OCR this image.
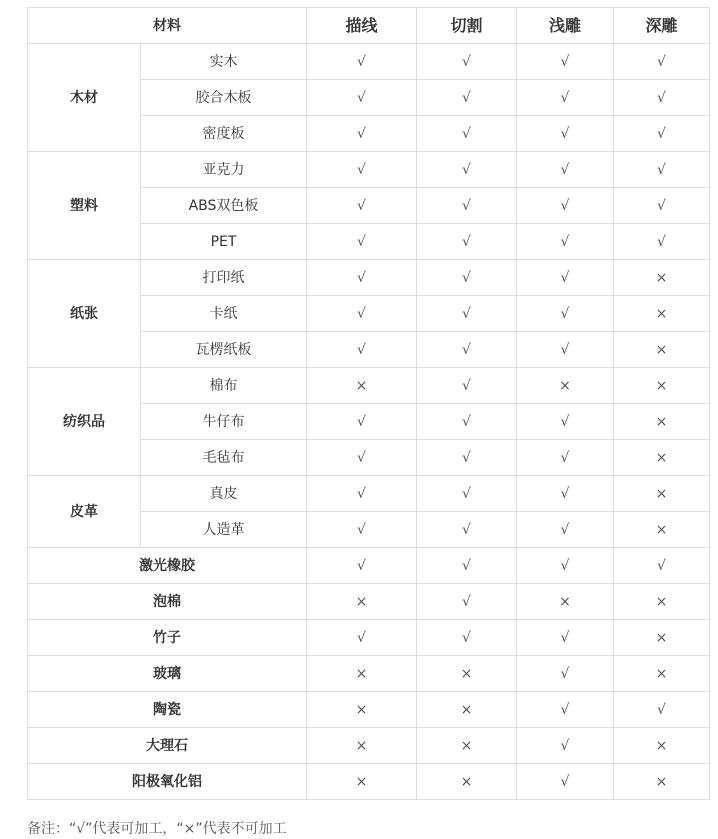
材料		描线	切割	浅雕	深雕
木材	实木	√	√	√	√
	胶合木板	√	√	√	√
	密度板	√	√	√	√
塑料	亚克力	√	√	√	√
	ABS双色板	√	√	√	√
	PET	√	√	√	√
纸张	打印纸	√	√	√	×
	卡纸	√	√	√	×
	瓦楞纸板	√	√	√	×
纺织品	棉布	×	√	×	×
	牛仔布	√	√	√	×
	毛毡布	√	√	√	×
皮革	真皮	√	√	√	×
	人造革	√	√	√	×
激光橡胶		√	√	√	√
泡棉		×	√	×	×
竹子		√	√	√	×
玻璃		×	×	√	×
陶瓷		×	×	√	√
大理石		×	×	√	×
阳极氧化铝		×	×	√	×
备注：“√”代表可加工，“×”代表不可加工
